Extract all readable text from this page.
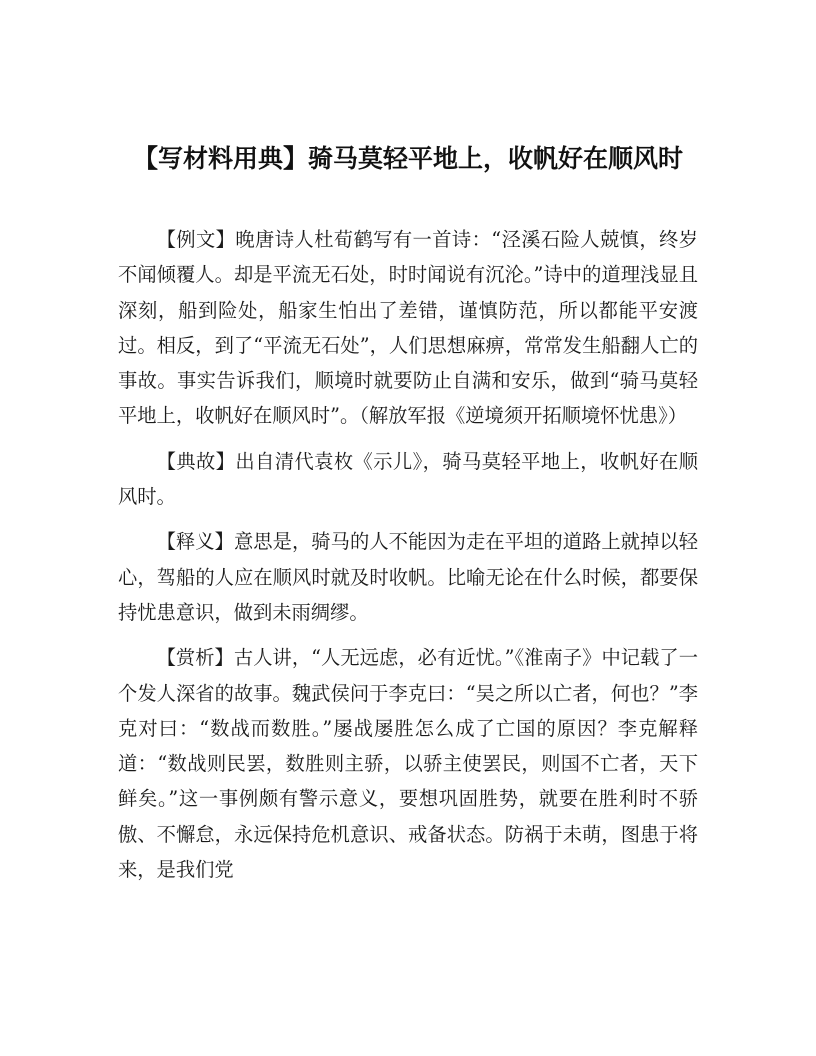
【写材料用典】骑马莫轻平地上，收帆好在顺风时

【例文】晚唐诗人杜荀鹤写有一首诗：“泾溪石险人兢慎，终岁不闻倾覆人。却是平流无石处，时时闻说有沉沦。”诗中的道理浅显且深刻，船到险处，船家生怕出了差错，谨慎防范，所以都能平安渡过。相反，到了“平流无石处”，人们思想麻痹，常常发生船翻人亡的事故。事实告诉我们，顺境时就要防止自满和安乐，做到“骑马莫轻平地上，收帆好在顺风时”。（解放军报《逆境须开拓顺境怀忧患》）

【典故】出自清代袁枚《示儿》，骑马莫轻平地上，收帆好在顺风时。

【释义】意思是，骑马的人不能因为走在平坦的道路上就掉以轻心，驾船的人应在顺风时就及时收帆。比喻无论在什么时候，都要保持忧患意识，做到未雨绸缪。

【赏析】古人讲，“人无远虑，必有近忧。”《淮南子》中记载了一个发人深省的故事。魏武侯问于李克曰：“吴之所以亡者，何也？”李克对曰：“数战而数胜。”屡战屡胜怎么成了亡国的原因？李克解释道：“数战则民罢，数胜则主骄，以骄主使罢民，则国不亡者，天下鲜矣。”这一事例颇有警示意义，要想巩固胜势，就要在胜利时不骄傲、不懈怠，永远保持危机意识、戒备状态。防祸于未萌，图患于将来，是我们党
